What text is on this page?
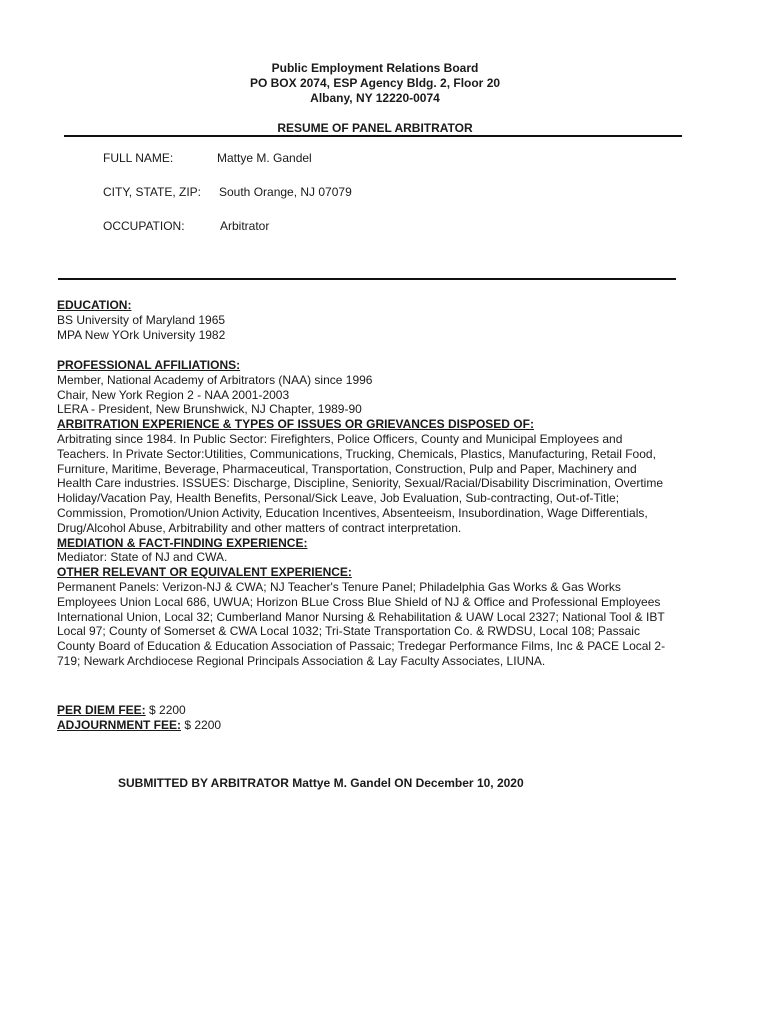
Public Employment Relations Board
PO BOX 2074, ESP Agency Bldg. 2, Floor 20
Albany, NY 12220-0074
RESUME OF PANEL ARBITRATOR
FULL NAME:	Mattye M. Gandel
CITY, STATE, ZIP: South Orange, NJ 07079
OCCUPATION:	Arbitrator
EDUCATION:
BS University of Maryland 1965
MPA New YOrk University 1982
PROFESSIONAL AFFILIATIONS:
Member, National Academy of Arbitrators (NAA) since 1996
Chair, New York Region 2 - NAA 2001-2003
LERA - President, New Brunshwick, NJ Chapter, 1989-90
ARBITRATION EXPERIENCE & TYPES OF ISSUES OR GRIEVANCES DISPOSED OF:
Arbitrating since 1984. In Public Sector: Firefighters, Police Officers, County and Municipal Employees and
Teachers. In Private Sector:Utilities, Communications, Trucking, Chemicals, Plastics, Manufacturing, Retail Food,
Furniture, Maritime, Beverage, Pharmaceutical, Transportation, Construction, Pulp and Paper, Machinery and
Health Care industries. ISSUES: Discharge, Discipline, Seniority, Sexual/Racial/Disability Discrimination, Overtime
Holiday/Vacation Pay, Health Benefits, Personal/Sick Leave, Job Evaluation, Sub-contracting, Out-of-Title;
Commission, Promotion/Union Activity, Education Incentives, Absenteeism, Insubordination, Wage Differentials,
Drug/Alcohol Abuse, Arbitrability and other matters of contract interpretation.
MEDIATION & FACT-FINDING EXPERIENCE:
Mediator: State of NJ and CWA.
OTHER RELEVANT OR EQUIVALENT EXPERIENCE:
Permanent Panels: Verizon-NJ & CWA; NJ Teacher's Tenure Panel; Philadelphia Gas Works & Gas Works
Employees Union Local 686, UWUA; Horizon BLue Cross Blue Shield of NJ & Office and Professional Employees
International Union, Local 32; Cumberland Manor Nursing & Rehabilitation & UAW Local 2327; National Tool & IBT
Local 97; County of Somerset & CWA Local 1032; Tri-State Transportation Co. & RWDSU, Local 108; Passaic
County Board of Education & Education Association of Passaic; Tredegar Performance Films, Inc & PACE Local 2-
719; Newark Archdiocese Regional Principals Association & Lay Faculty Associates, LIUNA.
PER DIEM FEE: $ 2200
ADJOURNMENT FEE: $ 2200
SUBMITTED BY ARBITRATOR Mattye M. Gandel ON December 10, 2020
